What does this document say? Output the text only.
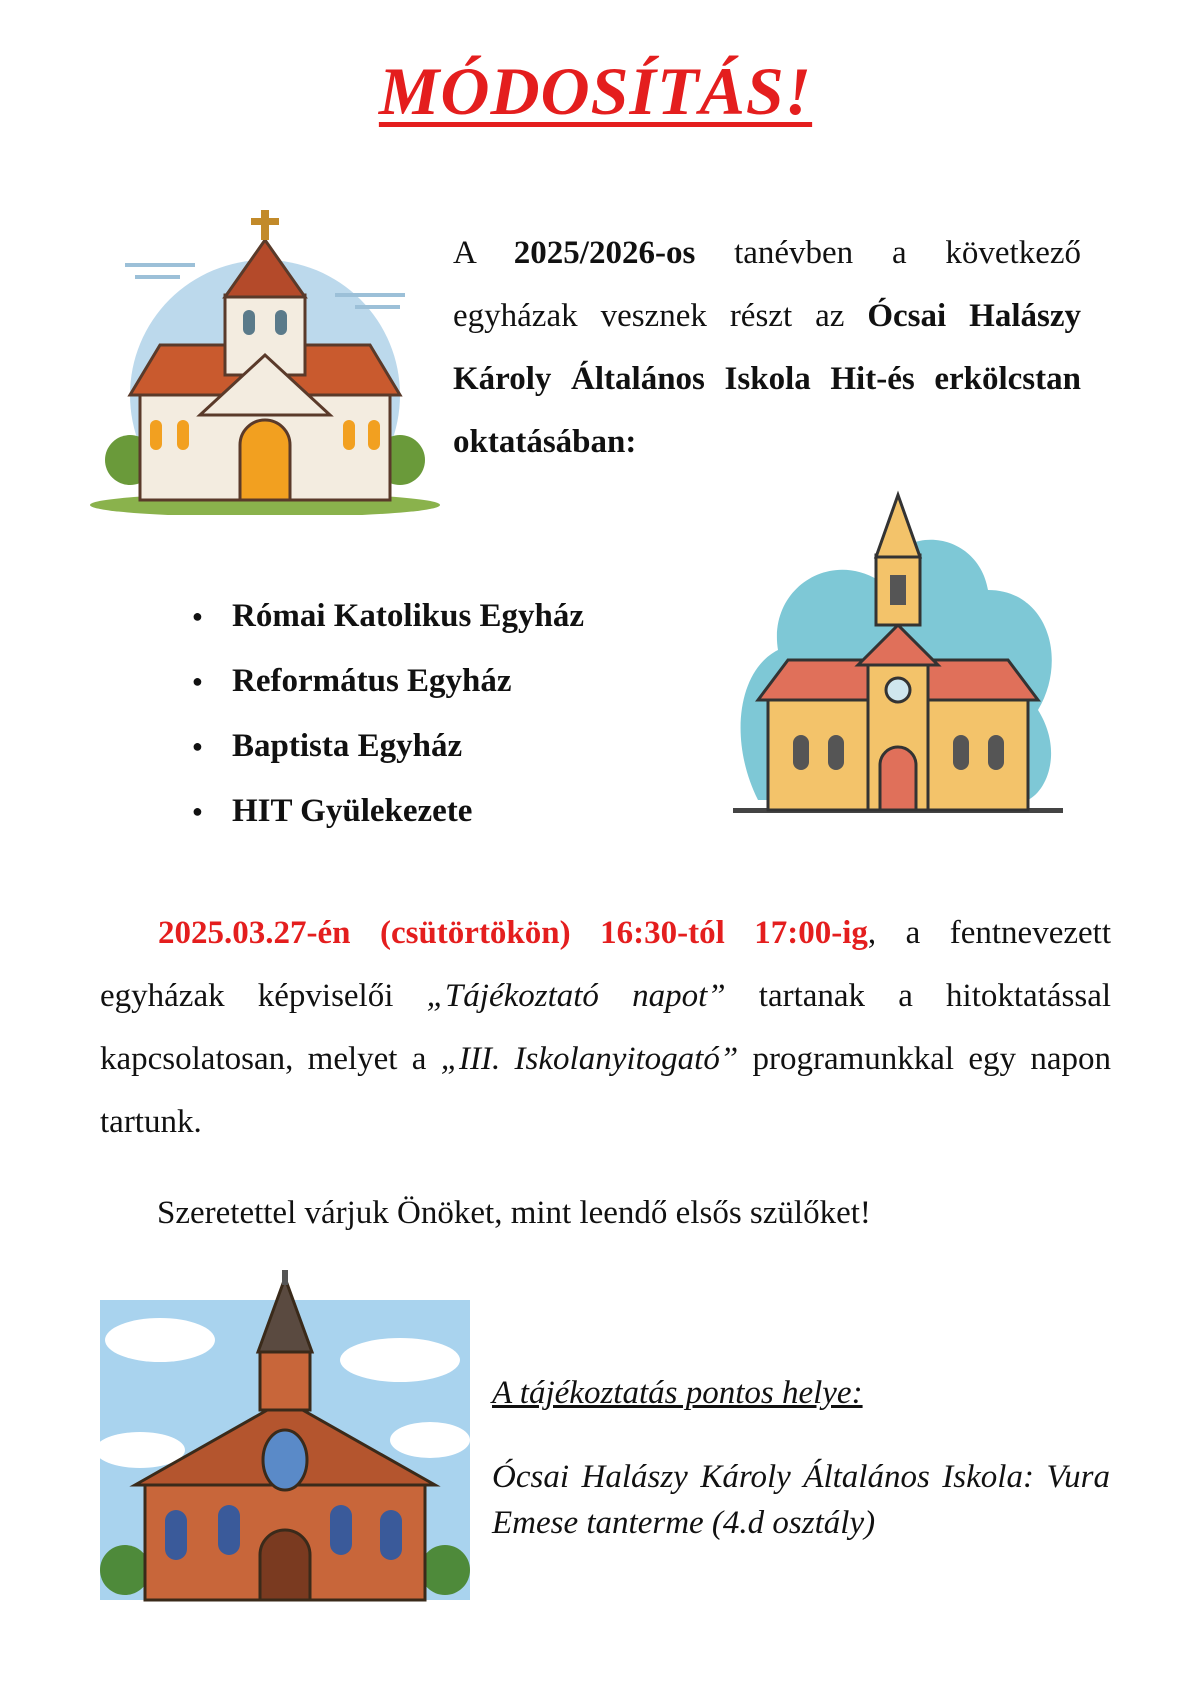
MÓDOSÍTÁS!
A 2025/2026-os tanévben a következő egyházak vesznek részt az Ócsai Halászy Károly Általános Iskola Hit-és erkölcstan oktatásában:
● Római Katolikus Egyház
● Református Egyház
● Baptista Egyház
● HIT Gyülekezete
2025.03.27-én (csütörtökön) 16:30-tól 17:00-ig, a fentnevezett egyházak képviselői „Tájékoztató napot” tartanak a hitoktatással kapcsolatosan, melyet a „III. Iskolanyitogató” programunkkal egy napon tartunk.
Szeretettel várjuk Önöket, mint leendő elsős szülőket!
A tájékoztatás pontos helye:
Ócsai Halászy Károly Általános Iskola: Vura Emese tanterme (4.d osztály)
